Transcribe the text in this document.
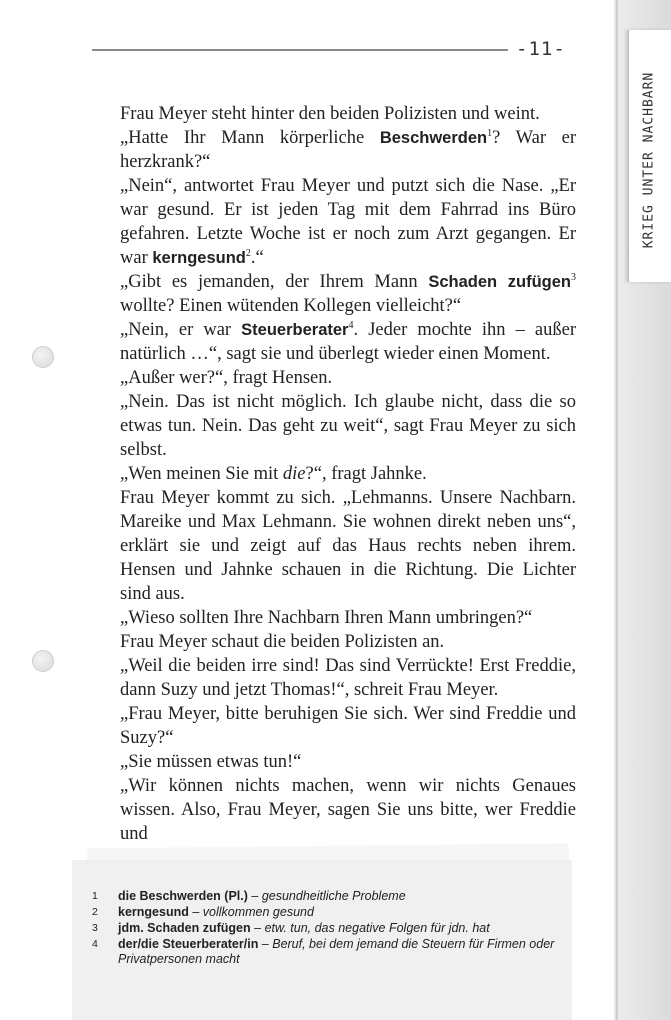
-11-
KRIEG UNTER NACHBARN

Frau Meyer steht hinter den beiden Polizisten und weint.

„Hatte Ihr Mann körperliche Beschwerden$^1$? War er herzkrank?“

„Nein“, antwortet Frau Meyer und putzt sich die Nase. „Er war gesund. Er ist jeden Tag mit dem Fahrrad ins Büro gefahren. Letzte Woche ist er noch zum Arzt gegangen. Er war kerngesund$^2$.“

„Gibt es jemanden, der Ihrem Mann Schaden zufügen$^3$ wollte? Einen wütenden Kollegen vielleicht?“

„Nein, er war Steuerberater$^4$. Jeder mochte ihn – außer natürlich …“, sagt sie und überlegt wieder einen Moment.

„Außer wer?“, fragt Hensen.

„Nein. Das ist nicht möglich. Ich glaube nicht, dass die so etwas tun. Nein. Das geht zu weit“, sagt Frau Meyer zu sich selbst.

„Wen meinen Sie mit die?“, fragt Jahnke.

Frau Meyer kommt zu sich. „Lehmanns. Unsere Nachbarn. Mareike und Max Lehmann. Sie wohnen direkt neben uns“, erklärt sie und zeigt auf das Haus rechts neben ihrem. Hensen und Jahnke schauen in die Richtung. Die Lichter sind aus.

„Wieso sollten Ihre Nachbarn Ihren Mann umbringen?“

Frau Meyer schaut die beiden Polizisten an.

„Weil die beiden irre sind! Das sind Verrückte! Erst Freddie, dann Suzy und jetzt Thomas!“, schreit Frau Meyer.

„Frau Meyer, bitte beruhigen Sie sich. Wer sind Freddie und Suzy?“

„Sie müssen etwas tun!“

„Wir können nichts machen, wenn wir nichts Genaues wissen. Also, Frau Meyer, sagen Sie uns bitte, wer Freddie und

1	die Beschwerden (Pl.) – gesundheitliche Probleme
2	kerngesund – vollkommen gesund
3	jdm. Schaden zufügen – etw. tun, das negative Folgen für jdn. hat
4	der/die Steuerberater/in – Beruf, bei dem jemand die Steuern für Firmen oder Privatpersonen macht
